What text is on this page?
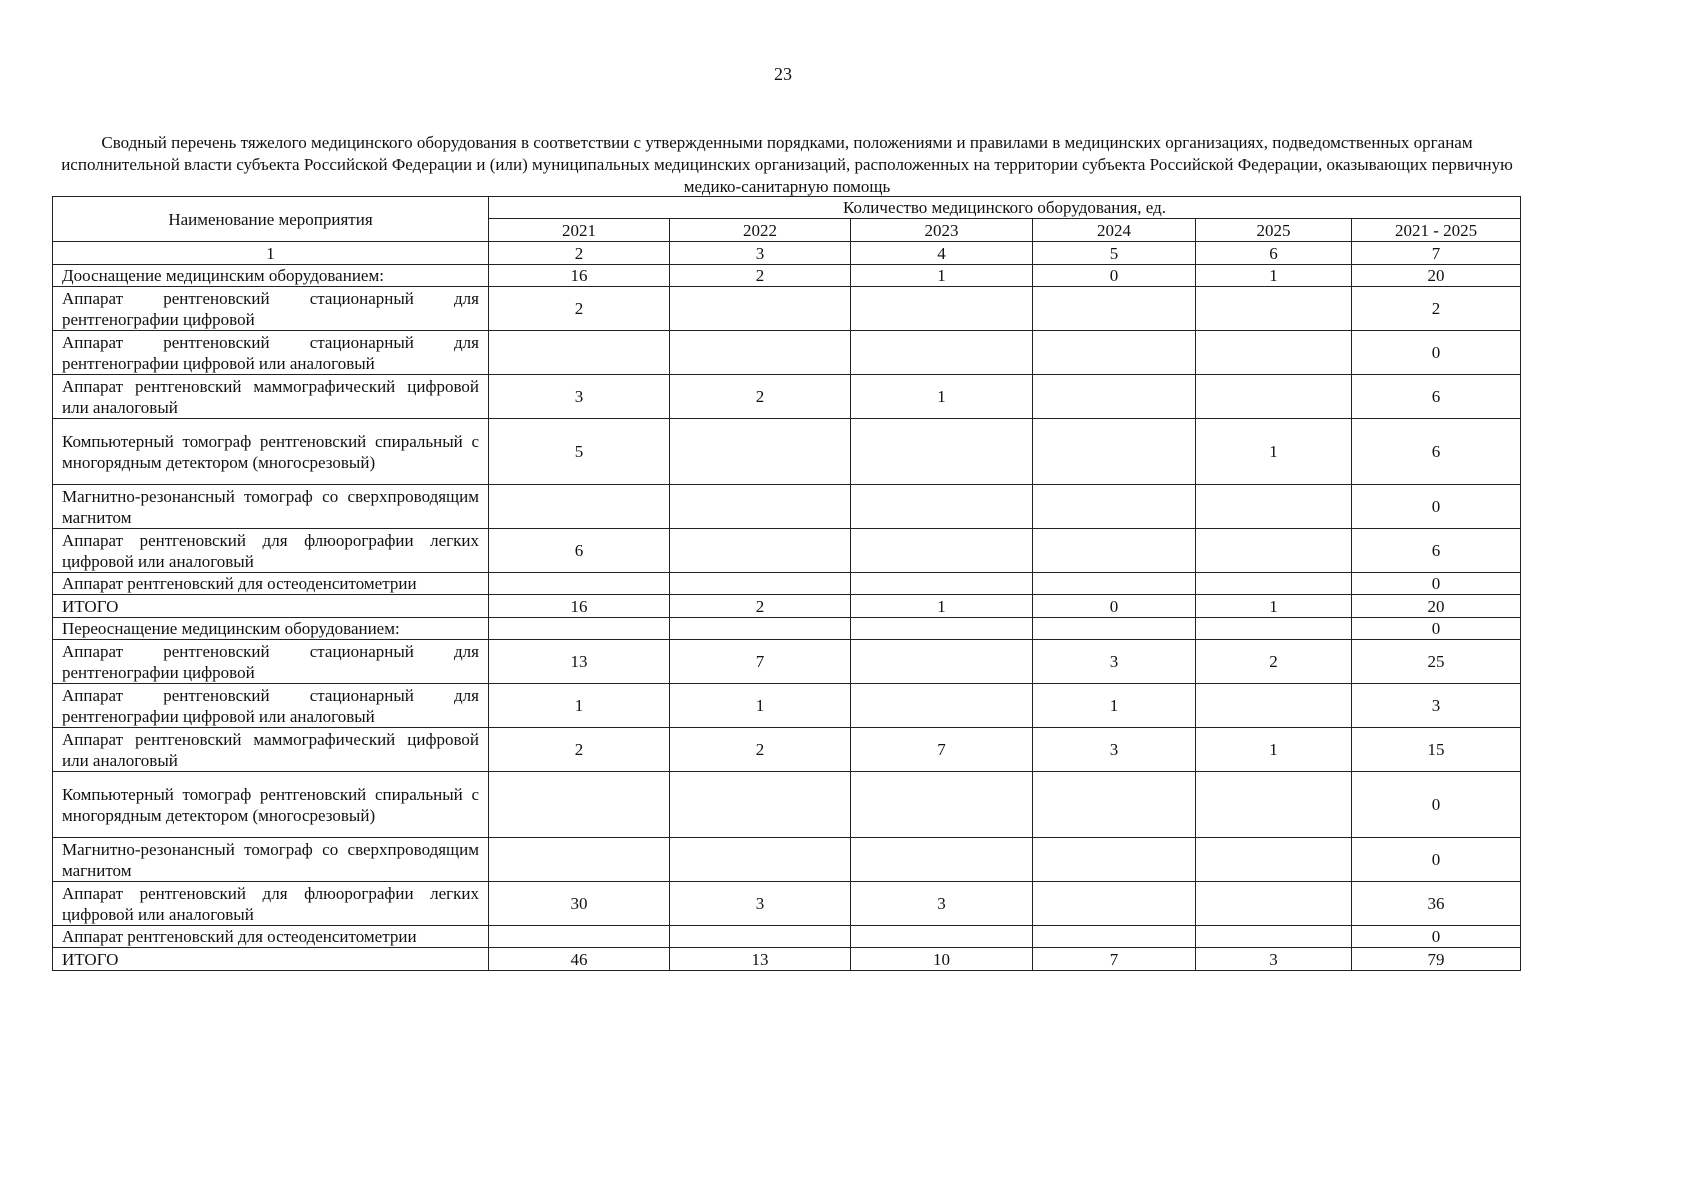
23
Сводный перечень тяжелого медицинского оборудования в соответствии с утвержденными порядками, положениями и правилами в медицинских организациях, подведомственных органам исполнительной власти субъекта Российской Федерации и (или) муниципальных медицинских организаций, расположенных на территории субъекта Российской Федерации, оказывающих первичную медико-санитарную помощь
Наименование мероприятия	Количество медицинского оборудования, ед.					
	2021	2022	2023	2024	2025	2021 - 2025
1	2	3	4	5	6	7
Дооснащение медицинским оборудованием:	16	2	1	0	1	20
Аппарат рентгеновский стационарный для рентгенографии цифровой	2					2
Аппарат рентгеновский стационарный для рентгенографии цифровой или аналоговый						0
Аппарат рентгеновский маммографический цифровой или аналоговый	3	2	1			6
Компьютерный томограф рентгеновский спиральный с многорядным детектором (многосрезовый)	5				1	6
Магнитно-резонансный томограф со сверхпроводящим магнитом						0
Аппарат рентгеновский для флюорографии легких цифровой или аналоговый	6					6
Аппарат рентгеновский для остеоденситометрии						0
ИТОГО	16	2	1	0	1	20
Переоснащение медицинским оборудованием:						0
Аппарат рентгеновский стационарный для рентгенографии цифровой	13	7		3	2	25
Аппарат рентгеновский стационарный для рентгенографии цифровой или аналоговый	1	1		1		3
Аппарат рентгеновский маммографический цифровой или аналоговый	2	2	7	3	1	15
Компьютерный томограф рентгеновский спиральный с многорядным детектором (многосрезовый)						0
Магнитно-резонансный томограф со сверхпроводящим магнитом						0
Аппарат рентгеновский для флюорографии легких цифровой или аналоговый	30	3	3			36
Аппарат рентгеновский для остеоденситометрии						0
ИТОГО	46	13	10	7	3	79
